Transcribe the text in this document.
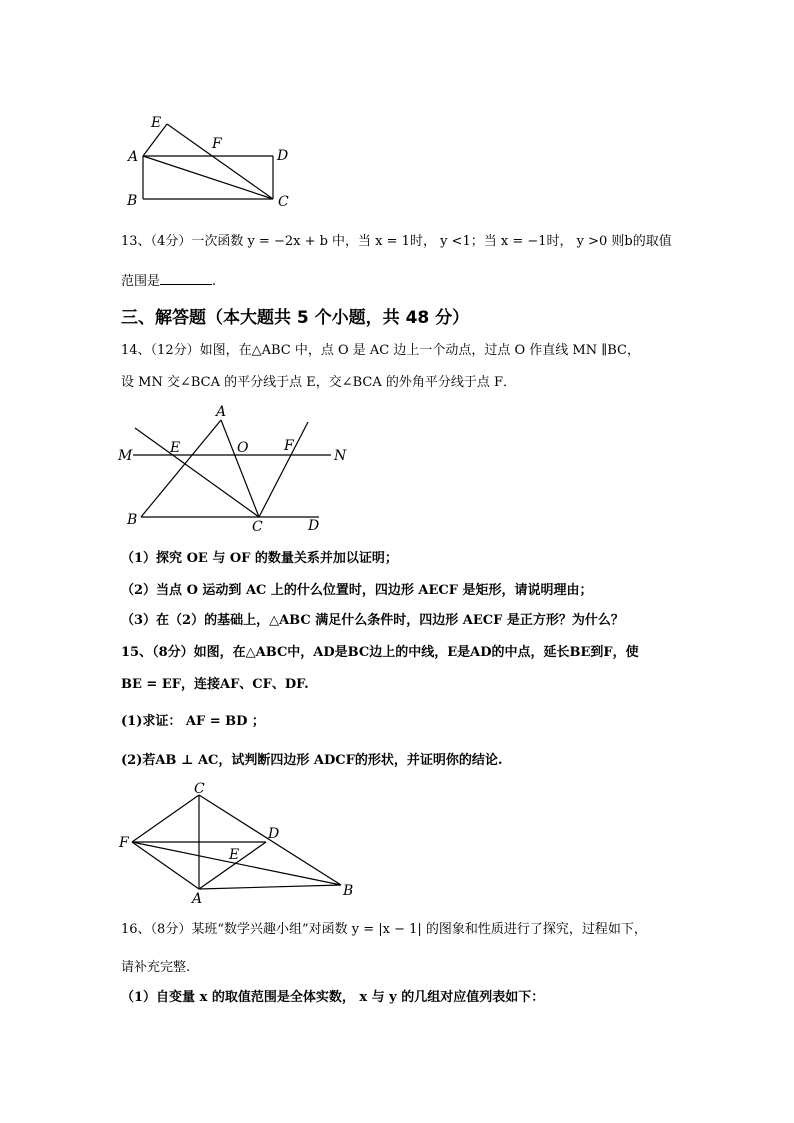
E
F
A	D
B	C
13、（4分）一次函数 y = −2x + b 中，当 x = 1时， y <1；当 x = −1时， y >0 则b的取值
范围是	.
三、解答题（本大题共 5 个小题，共 48 分）
14、（12分）如图，在△ABC 中，点 O 是 AC 边上一个动点，过点 O 作直线 MN ∥BC，
设 MN 交∠BCA 的平分线于点 E，交∠BCA 的外角平分线于点 F．
A
M	E	O	F
N
B	C	D
（1）探究 OE 与 OF 的数量关系并加以证明；
（2）当点 O 运动到 AC 上的什么位置时，四边形 AECF 是矩形，请说明理由；
（3）在（2）的基础上，△ABC 满足什么条件时，四边形 AECF 是正方形？为什么？
15、（8分）如图，在△ABC中，AD是BC边上的中线，E是AD的中点，延长BE到F，使
BE = EF，连接AF、CF、DF.
(1)求证： AF = BD ；
(2)若AB ⊥ AC，试判断四边形 ADCF的形状，并证明你的结论.
C
D
F
E
A	B
16、（8分）某班“数学兴趣小组”对函数 y = |x − 1| 的图象和性质进行了探究，过程如下，
请补充完整.
（1）自变量 x 的取值范围是全体实数， x 与 y 的几组对应值列表如下：
